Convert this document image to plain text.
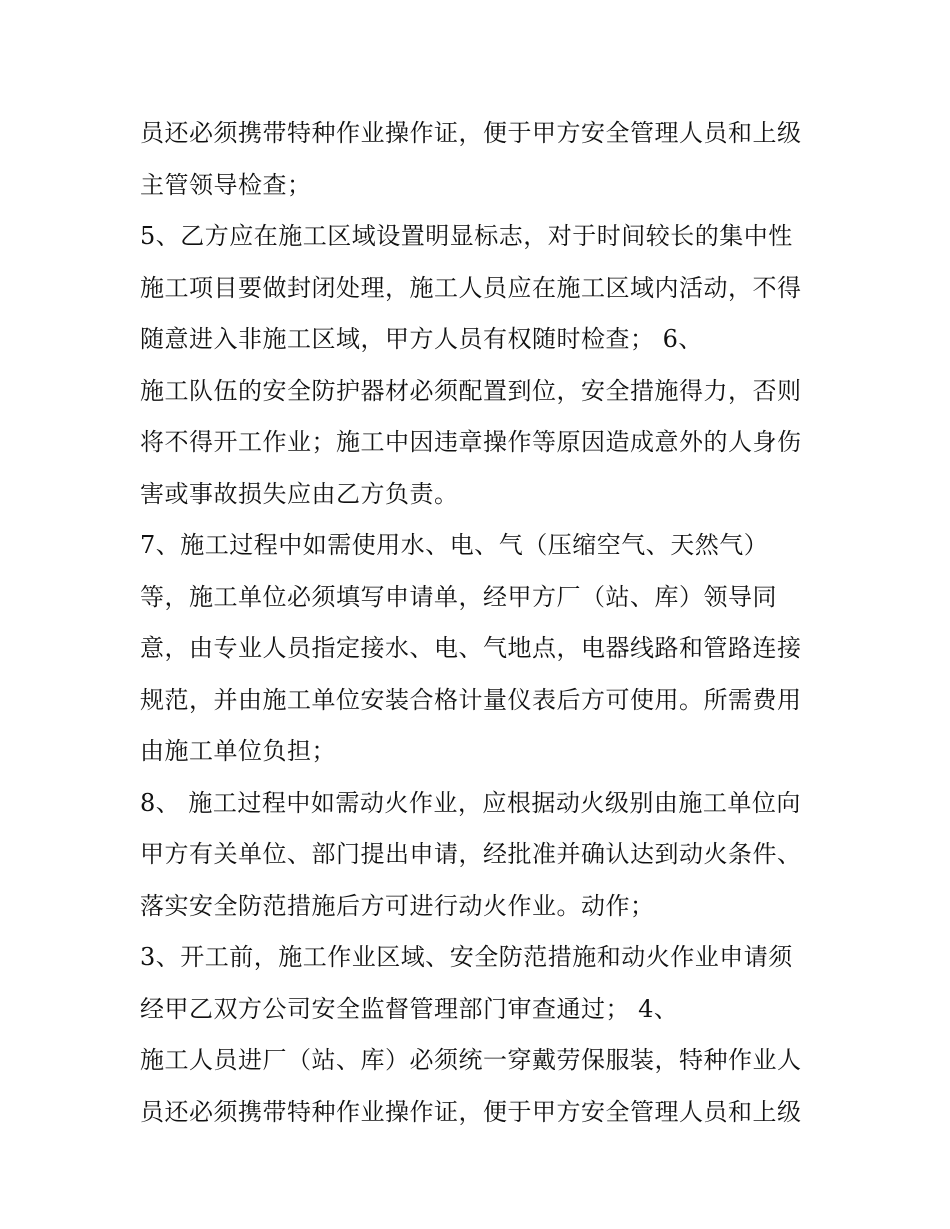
员还必须携带特种作业操作证，便于甲方安全管理人员和上级
主管领导检查；
5、乙方应在施工区域设置明显标志，对于时间较长的集中性
施工项目要做封闭处理，施工人员应在施工区域内活动，不得
随意进入非施工区域，甲方人员有权随时检查； 6、
施工队伍的安全防护器材必须配置到位，安全措施得力，否则
将不得开工作业；施工中因违章操作等原因造成意外的人身伤
害或事故损失应由乙方负责。
7、施工过程中如需使用水、电、气（压缩空气、天然气）
等，施工单位必须填写申请单，经甲方厂（站、库）领导同
意，由专业人员指定接水、电、气地点，电器线路和管路连接
规范，并由施工单位安装合格计量仪表后方可使用。所需费用
由施工单位负担；
8、 施工过程中如需动火作业，应根据动火级别由施工单位向
甲方有关单位、部门提出申请，经批准并确认达到动火条件、
落实安全防范措施后方可进行动火作业。动作；
3、开工前，施工作业区域、安全防范措施和动火作业申请须
经甲乙双方公司安全监督管理部门审查通过； 4、
施工人员进厂（站、库）必须统一穿戴劳保服装，特种作业人
员还必须携带特种作业操作证，便于甲方安全管理人员和上级
